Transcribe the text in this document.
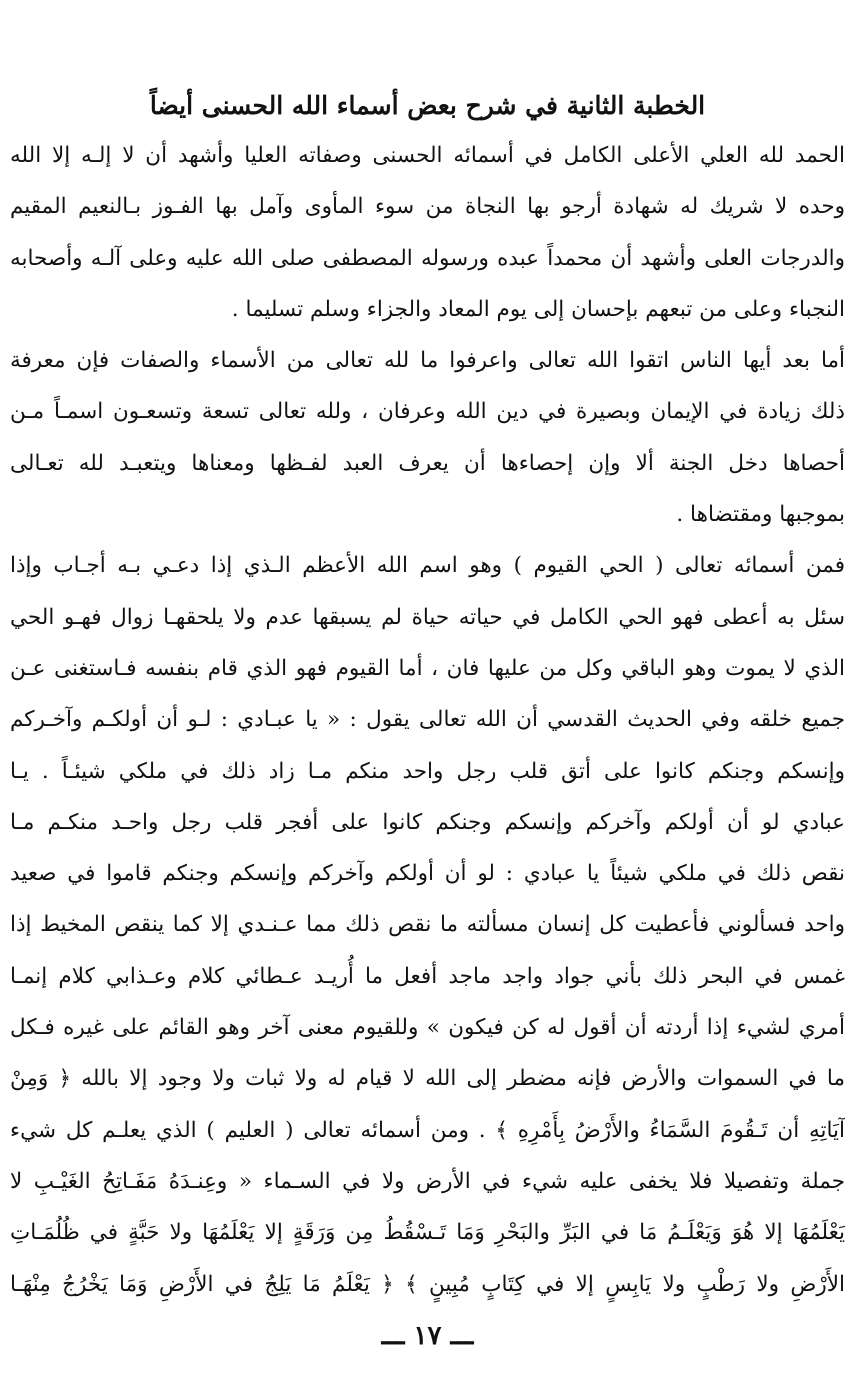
الخطبة الثانية في شرح بعض أسماء الله الحسنى أيضاً
الحمد لله العلي الأعلى الكامل في أسمائه الحسنى وصفاته العليا وأشهد أن لا إلـه إلا الله
وحده لا شريك له شهادة أرجو بها النجاة من سوء المأوى وآمل بها الفـوز بـالنعيم المقيم
والدرجات العلى وأشهد أن محمداً عبده ورسوله المصطفى صلى الله عليه وعلى آلـه وأصحابه
النجباء وعلى من تبعهم بإحسان إلى يوم المعاد والجزاء وسلم تسليما .
أما بعد أيها الناس اتقوا الله تعالى واعرفوا ما لله تعالى من الأسماء والصفات فإن معرفة
ذلك زيادة في الإيمان وبصيرة في دين الله وعرفان ، ولله تعالى تسعة وتسعـون اسمـاً مـن
أحصاها دخل الجنة ألا وإن إحصاءها أن يعرف العبد لفـظها ومعناها ويتعبـد لله تعـالى
بموجبها ومقتضاها .
فمن أسمائه تعالى ( الحي القيوم ) وهو اسم الله الأعظم الـذي إذا دعـي بـه أجـاب وإذا
سئل به أعطى فهو الحي الكامل في حياته حياة لم يسبقها عدم ولا يلحقهـا زوال فهـو الحي
الذي لا يموت وهو الباقي وكل من عليها فان ، أما القيوم فهو الذي قام بنفسه فـاستغنى عـن
جميع خلقه وفي الحديث القدسي أن الله تعالى يقول : « يا عبـادي : لـو أن أولكـم وآخـركم
وإنسكم وجنكم كانوا على أتق قلب رجل واحد منكم مـا زاد ذلك في ملكي شيئـاً . يـا
عبادي لو أن أولكم وآخركم وإنسكم وجنكم كانوا على أفجر قلب رجل واحـد منكـم مـا
نقص ذلك في ملكي شيئاً يا عبادي : لو أن أولكم وآخركم وإنسكم وجنكم قاموا في صعيد
واحد فسألوني فأعطيت كل إنسان مسألته ما نقص ذلك مما عـنـدي إلا كما ينقص المخيط إذا
غمس في البحر ذلك بأني جواد واجد ماجد أفعل ما أُريـد عـطائي كلام وعـذابي كلام إنمـا
أمري لشيء إذا أردته أن أقول له كن فيكون » وللقيوم معنى آخر وهو القائم على غيره فـكل
ما في السموات والأرض فإنه مضطر إلى الله لا قيام له ولا ثبات ولا وجود إلا بالله ﴿ وَمِنْ
آيَاتِهِ أن تَـقُومَ السَّمَاءُ والأَرْضُ بِأَمْرِهِ ﴾ . ومن أسمائه تعالى ( العليم ) الذي يعلـم كل شيء
جملة وتفصيلا فلا يخفى عليه شيء في الأرض ولا في السـماء « وعِنـدَهُ مَفَـاتِحُ الغَيْـبِ لا
يَعْلَمُهَا إلا هُوَ وَيَعْلَـمُ مَا في البَرِّ والبَحْرِ وَمَا تَـسْقُطُ مِن وَرَقَةٍ إلا يَعْلَمُهَا ولا حَبَّةٍ في ظُلُمَـاتِ
الأَرْضِ ولا رَطْبٍ ولا يَابِسٍ إلا في كِتَابٍ مُبِينٍ ﴾ ﴿ يَعْلَمُ مَا يَلِجُ في الأَرْضِ وَمَا يَخْرُجُ مِنْهَـا
ـــ ١٧ ـــ
